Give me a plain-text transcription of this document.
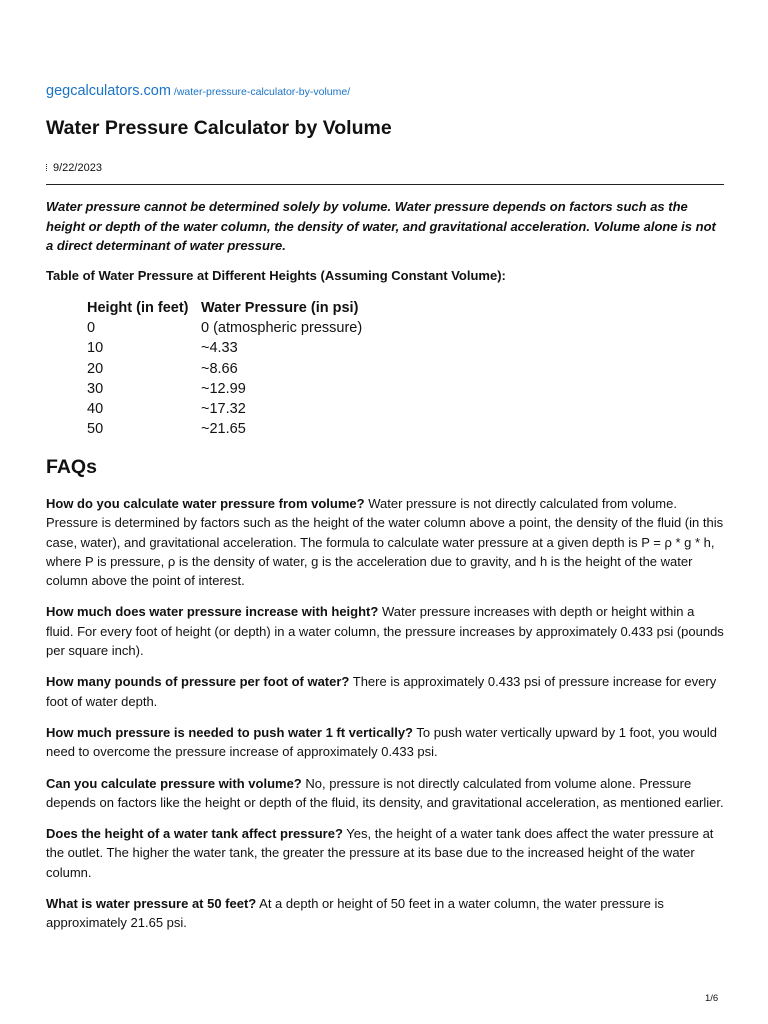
gegcalculators.com /water-pressure-calculator-by-volume/
Water Pressure Calculator by Volume
9/22/2023

Water pressure cannot be determined solely by volume. Water pressure depends on factors such as the height or depth of the water column, the density of water, and gravitational acceleration. Volume alone is not a direct determinant of water pressure.

Table of Water Pressure at Different Heights (Assuming Constant Volume):

Height (in feet)	Water Pressure (in psi)
0	0 (atmospheric pressure)
10	~4.33
20	~8.66
30	~12.99
40	~17.32
50	~21.65
FAQs

How do you calculate water pressure from volume? Water pressure is not directly calculated from volume. Pressure is determined by factors such as the height of the water column above a point, the density of the fluid (in this case, water), and gravitational acceleration. The formula to calculate water pressure at a given depth is P = ρ * g * h, where P is pressure, ρ is the density of water, g is the acceleration due to gravity, and h is the height of the water column above the point of interest.

How much does water pressure increase with height? Water pressure increases with depth or height within a fluid. For every foot of height (or depth) in a water column, the pressure increases by approximately 0.433 psi (pounds per square inch).

How many pounds of pressure per foot of water? There is approximately 0.433 psi of pressure increase for every foot of water depth.

How much pressure is needed to push water 1 ft vertically? To push water vertically upward by 1 foot, you would need to overcome the pressure increase of approximately 0.433 psi.

Can you calculate pressure with volume? No, pressure is not directly calculated from volume alone. Pressure depends on factors like the height or depth of the fluid, its density, and gravitational acceleration, as mentioned earlier.

Does the height of a water tank affect pressure? Yes, the height of a water tank does affect the water pressure at the outlet. The higher the water tank, the greater the pressure at its base due to the increased height of the water column.

What is water pressure at 50 feet? At a depth or height of 50 feet in a water column, the water pressure is approximately 21.65 psi.

1/6
